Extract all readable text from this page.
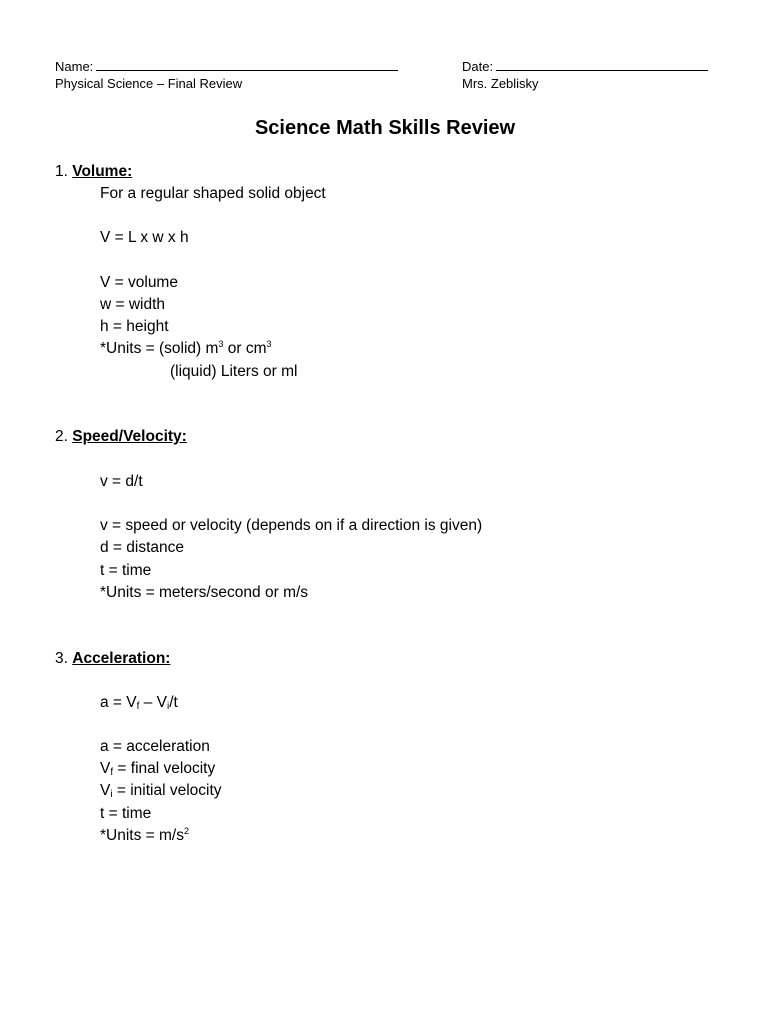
Name:	Date:
Physical Science – Final Review	Mrs. Zeblisky
Science Math Skills Review
1. Volume:
For a regular shaped solid object
V = L x w x h
V = volume
w = width
h = height
*Units = (solid) $m^3$ or $cm^3$
(liquid) Liters or ml
2. Speed/Velocity:
v = d/t
v = speed or velocity (depends on if a direction is given)
d = distance
t = time
*Units = meters/second or m/s
3. Acceleration:
$a = V_f - V_i/t$
a = acceleration
$V_f$ = final velocity
$V_i$ = initial velocity
t = time
*Units = $m/s^2$
